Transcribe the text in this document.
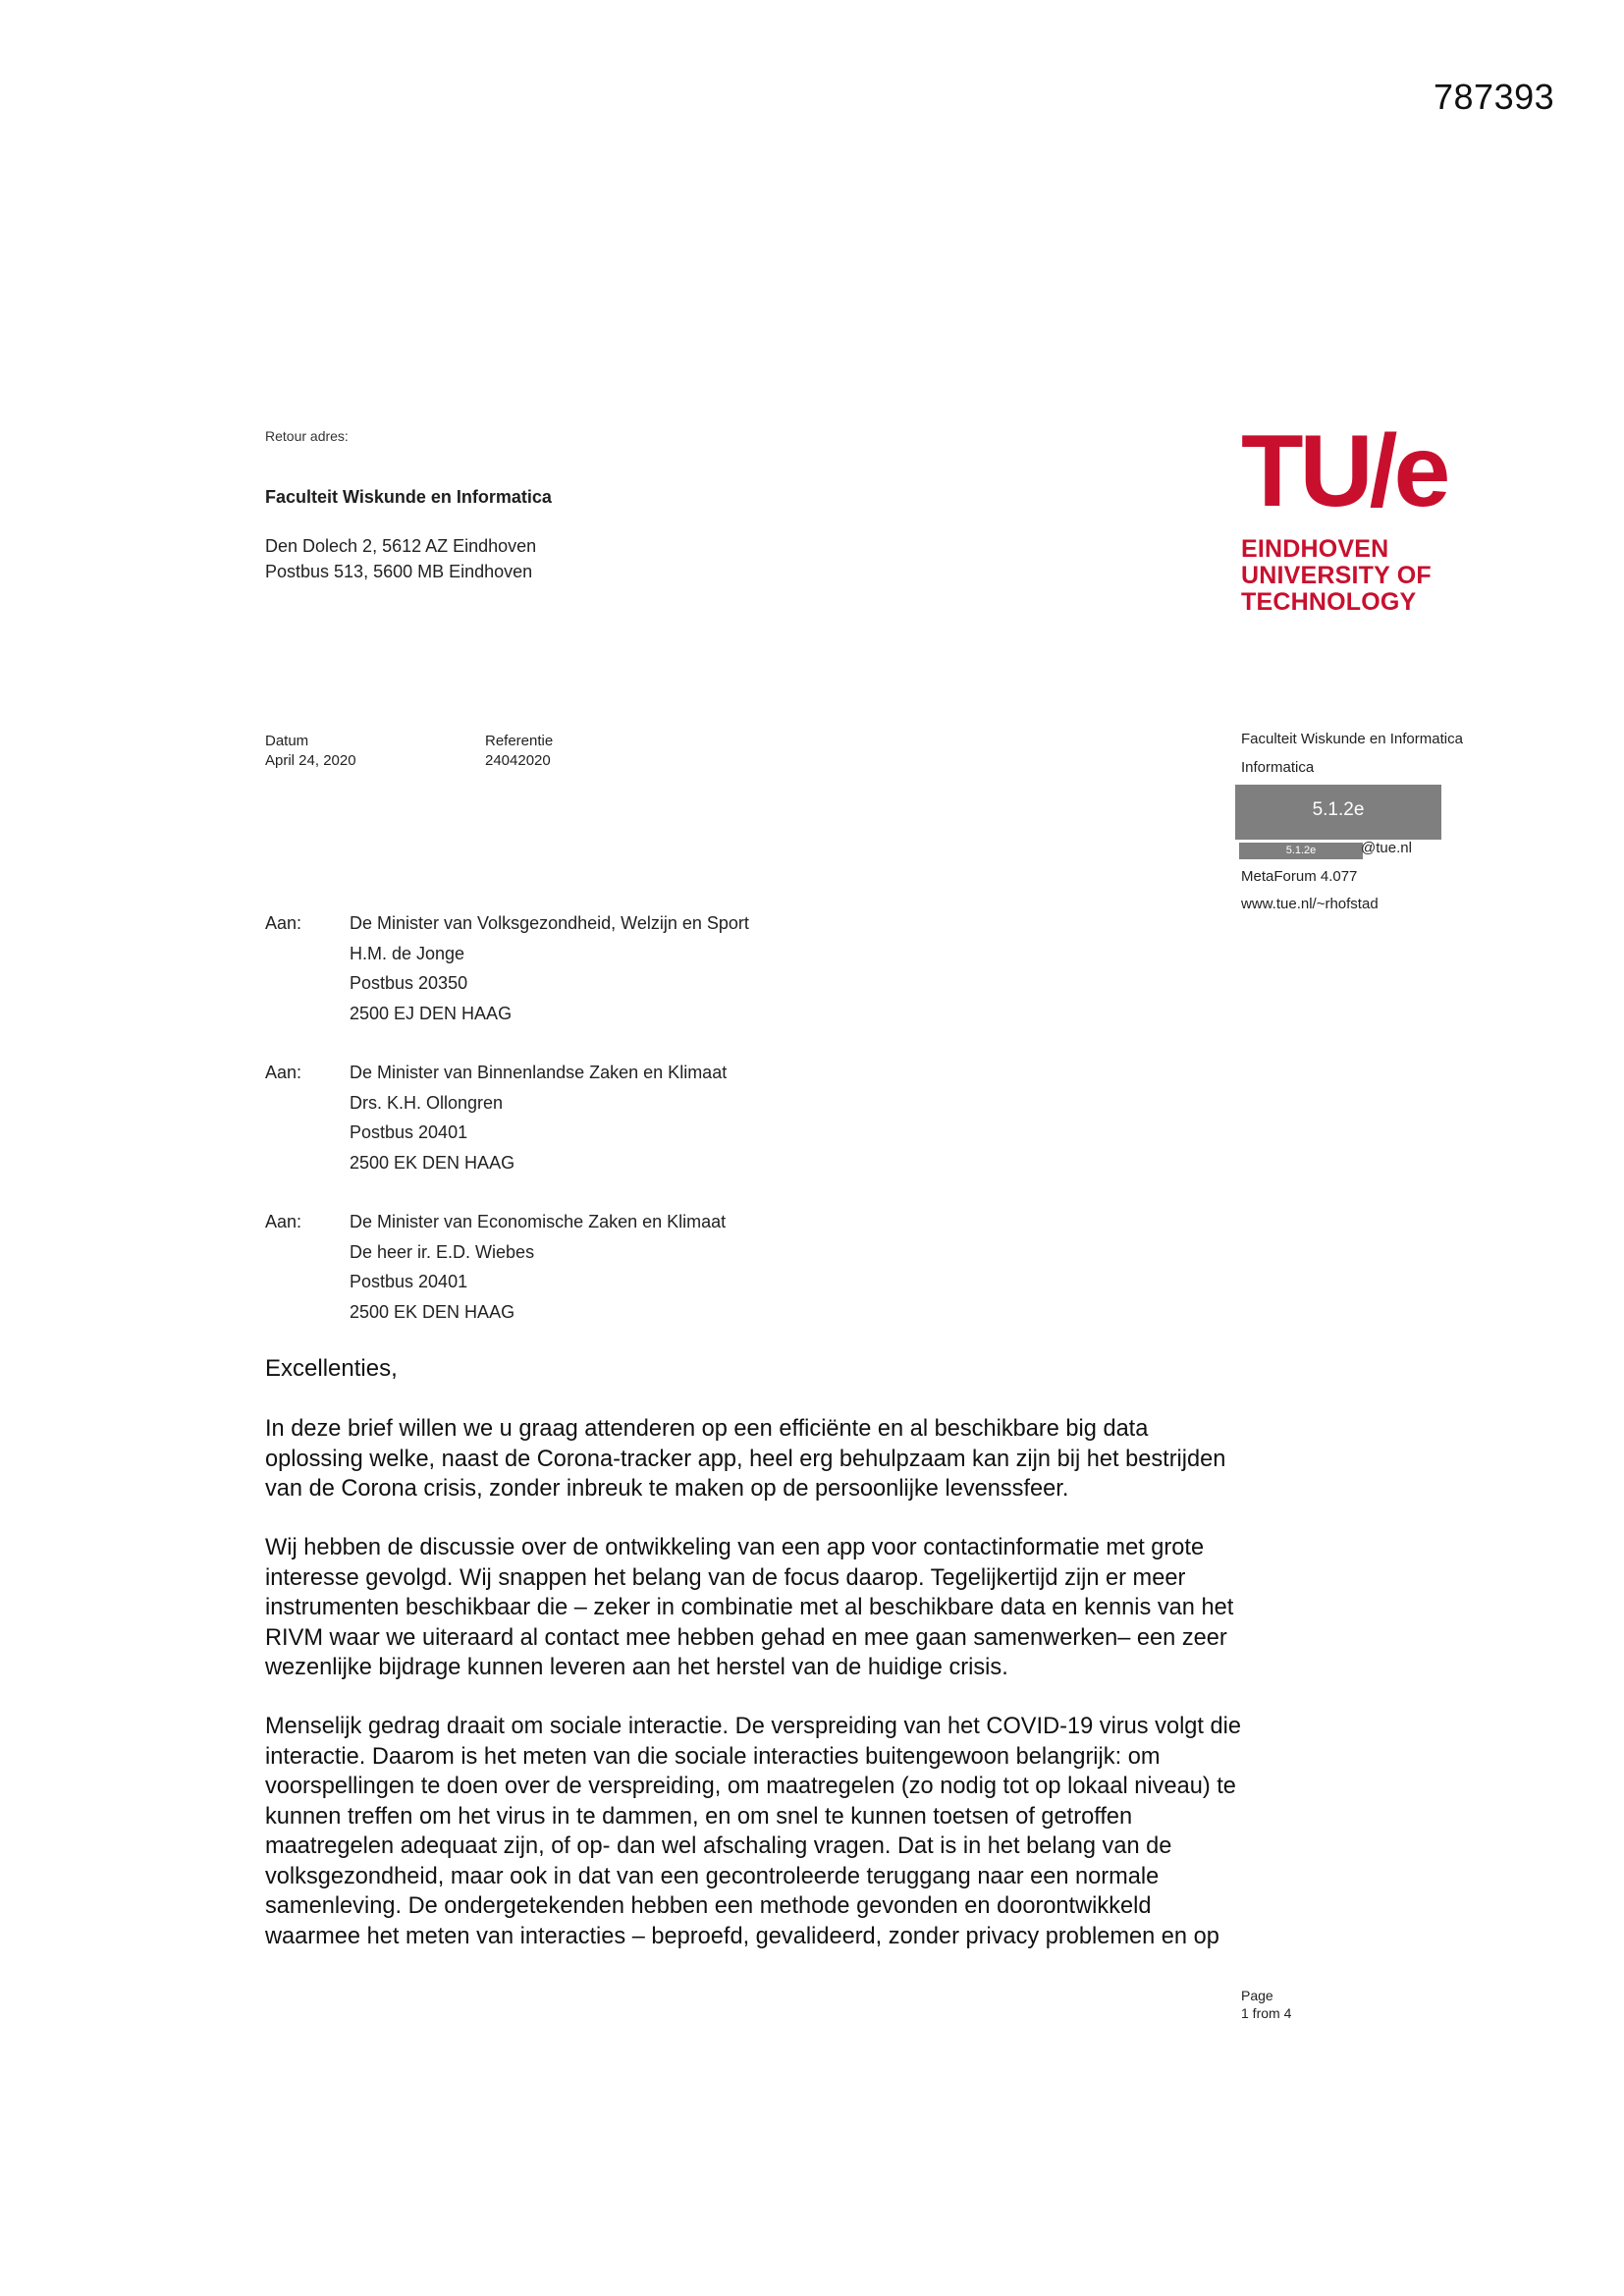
787393
Retour adres:
Faculteit Wiskunde en Informatica
Den Dolech 2, 5612 AZ Eindhoven
Postbus 513, 5600 MB Eindhoven
TU/e
EINDHOVEN
UNIVERSITY OF
TECHNOLOGY
Datum
April 24, 2020
Referentie
24042020
Faculteit Wiskunde en Informatica
Informatica
5.1.2e
5.1.2e	@tue.nl
MetaForum 4.077
www.tue.nl/~rhofstad
Aan:	De Minister van Volksgezondheid, Welzijn en Sport
H.M. de Jonge
Postbus 20350
2500 EJ DEN HAAG
Aan:	De Minister van Binnenlandse Zaken en Klimaat
Drs. K.H. Ollongren
Postbus 20401
2500 EK DEN HAAG
Aan:	De Minister van Economische Zaken en Klimaat
De heer ir. E.D. Wiebes
Postbus 20401
2500 EK DEN HAAG
Excellenties,
In deze brief willen we u graag attenderen op een efficiënte en al beschikbare big data
oplossing welke, naast de Corona-tracker app, heel erg behulpzaam kan zijn bij het bestrijden
van de Corona crisis, zonder inbreuk te maken op de persoonlijke levenssfeer.
Wij hebben de discussie over de ontwikkeling van een app voor contactinformatie met grote
interesse gevolgd. Wij snappen het belang van de focus daarop. Tegelijkertijd zijn er meer
instrumenten beschikbaar die – zeker in combinatie met al beschikbare data en kennis van het
RIVM waar we uiteraard al contact mee hebben gehad en mee gaan samenwerken– een zeer
wezenlijke bijdrage kunnen leveren aan het herstel van de huidige crisis.
Menselijk gedrag draait om sociale interactie. De verspreiding van het COVID-19 virus volgt die
interactie. Daarom is het meten van die sociale interacties buitengewoon belangrijk: om
voorspellingen te doen over de verspreiding, om maatregelen (zo nodig tot op lokaal niveau) te
kunnen treffen om het virus in te dammen, en om snel te kunnen toetsen of getroffen
maatregelen adequaat zijn, of op- dan wel afschaling vragen. Dat is in het belang van de
volksgezondheid, maar ook in dat van een gecontroleerde teruggang naar een normale
samenleving. De ondergetekenden hebben een methode gevonden en doorontwikkeld
waarmee het meten van interacties – beproefd, gevalideerd, zonder privacy problemen en op
Page
1 from 4
